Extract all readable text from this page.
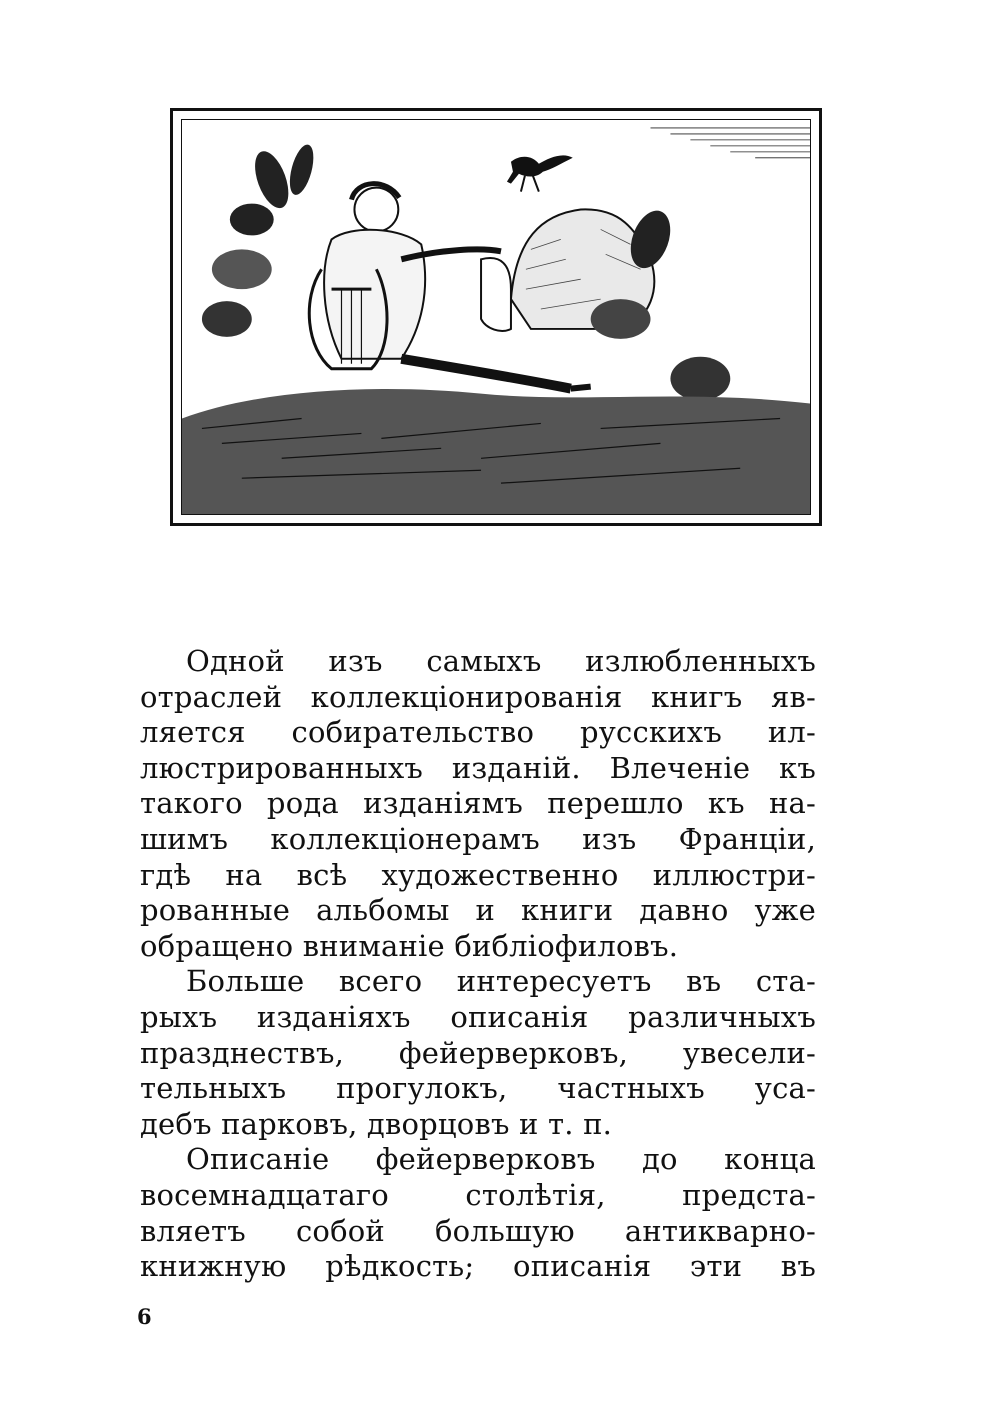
Одной изъ самыхъ излюбленныхъ
отраслей коллекціонированія книгъ яв-
ляется собирательство русскихъ ил-
люстрированныхъ изданій. Влеченіе къ
такого рода изданіямъ перешло къ на-
шимъ коллекціонерамъ изъ Франціи,
гдѣ на всѣ художественно иллюстри-
рованные альбомы и книги давно уже
обращено вниманіе библіофиловъ.
Больше всего интересуетъ въ ста-
рыхъ изданіяхъ описанія различныхъ
празднествъ, фейерверковъ, увесели-
тельныхъ прогулокъ, частныхъ уса-
дебъ парковъ, дворцовъ и т. п.
Описаніе фейерверковъ до конца
восемнадцатаго столѣтія, предста-
вляетъ собой большую антикварно-
книжную рѣдкость; описанія эти въ
6
